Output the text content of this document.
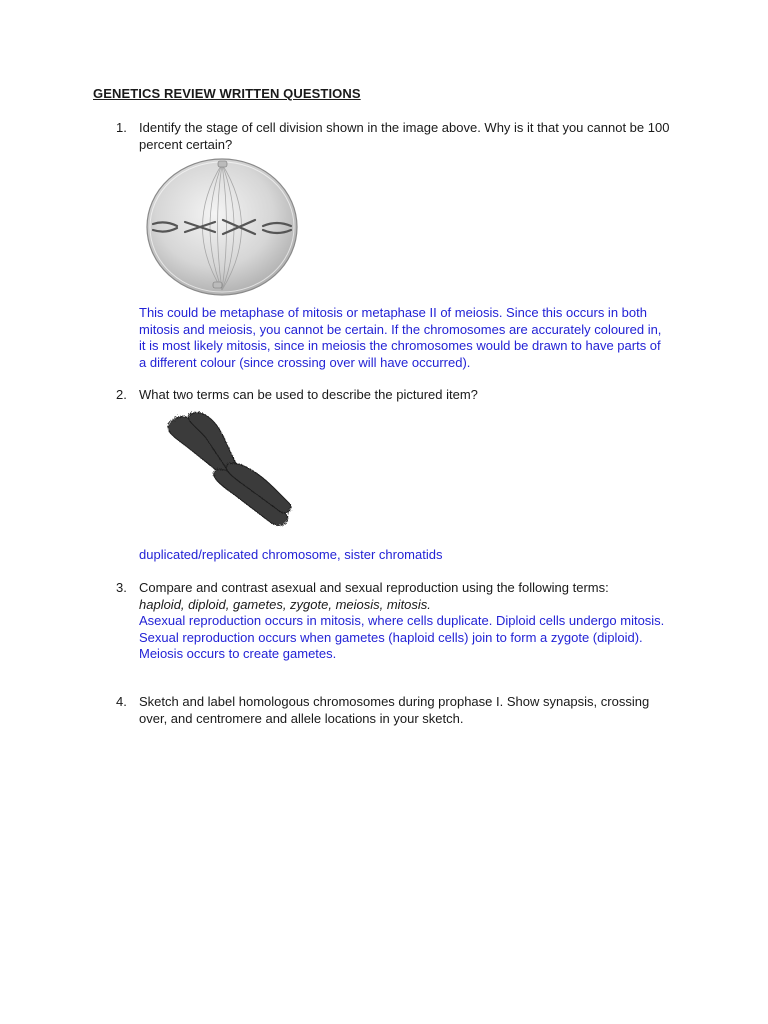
GENETICS REVIEW WRITTEN QUESTIONS
1. Identify the stage of cell division shown in the image above. Why is it that you cannot be 100 percent certain?
This could be metaphase of mitosis or metaphase II of meiosis. Since this occurs in both mitosis and meiosis, you cannot be certain. If the chromosomes are accurately coloured in, it is most likely mitosis, since in meiosis the chromosomes would be drawn to have parts of a different colour (since crossing over will have occurred).
2. What two terms can be used to describe the pictured item?
duplicated/replicated chromosome, sister chromatids
3. Compare and contrast asexual and sexual reproduction using the following terms:
haploid, diploid, gametes, zygote, meiosis, mitosis.
Asexual reproduction occurs in mitosis, where cells duplicate. Diploid cells undergo mitosis.
Sexual reproduction occurs when gametes (haploid cells) join to form a zygote (diploid). Meiosis occurs to create gametes.
4. Sketch and label homologous chromosomes during prophase I. Show synapsis, crossing over, and centromere and allele locations in your sketch.
